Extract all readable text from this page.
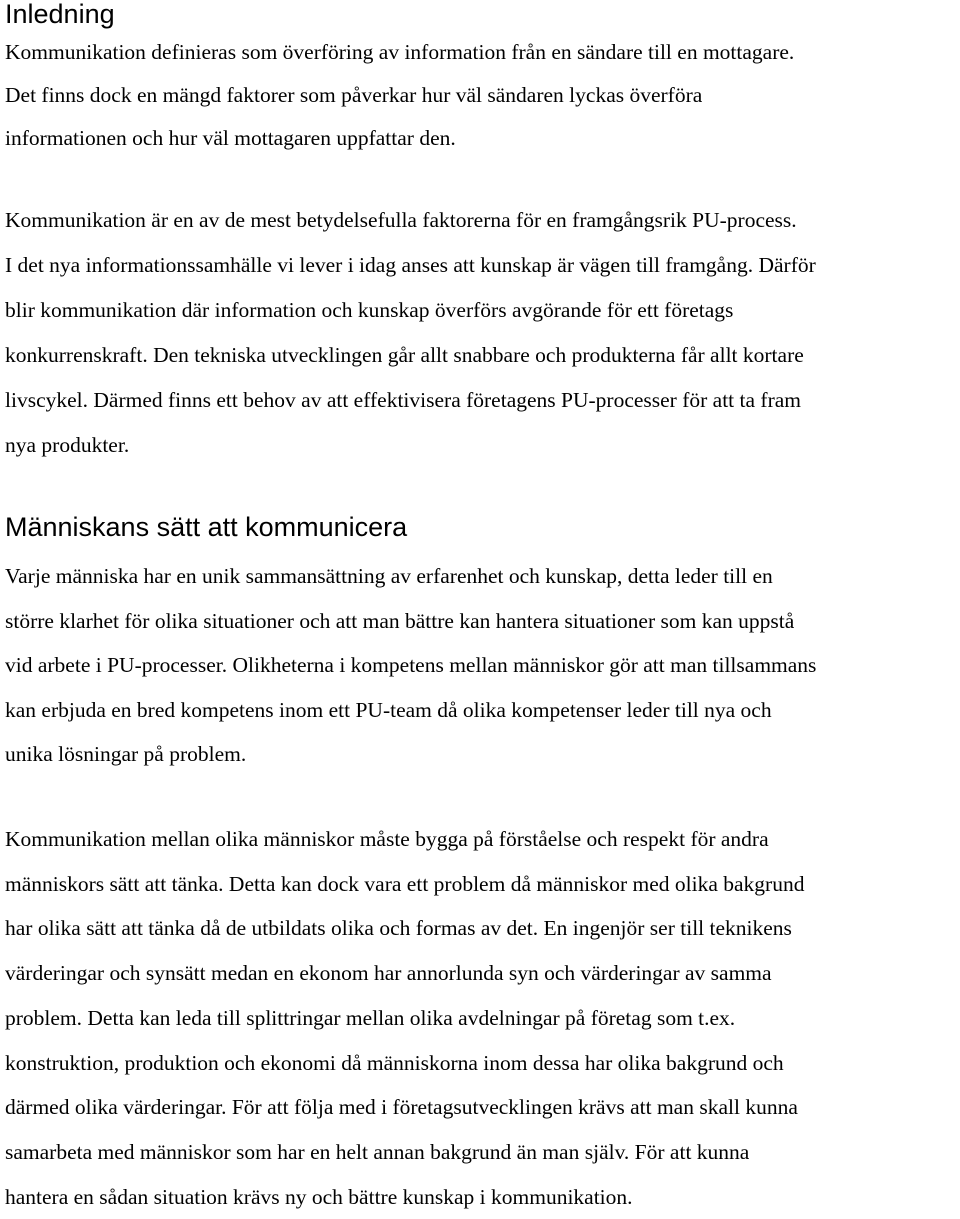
Inledning
Kommunikation definieras som överföring av information från en sändare till en mottagare.
Det finns dock en mängd faktorer som påverkar hur väl sändaren lyckas överföra
informationen och hur väl mottagaren uppfattar den.
Kommunikation är en av de mest betydelsefulla faktorerna för en framgångsrik PU-process.
I det nya informationssamhälle vi lever i idag anses att kunskap är vägen till framgång. Därför
blir kommunikation där information och kunskap överförs avgörande för ett företags
konkurrenskraft. Den tekniska utvecklingen går allt snabbare och produkterna får allt kortare
livscykel. Därmed finns ett behov av att effektivisera företagens PU-processer för att ta fram
nya produkter.
Människans sätt att kommunicera
Varje människa har en unik sammansättning av erfarenhet och kunskap, detta leder till en
större klarhet för olika situationer och att man bättre kan hantera situationer som kan uppstå
vid arbete i PU-processer. Olikheterna i kompetens mellan människor gör att man tillsammans
kan erbjuda en bred kompetens inom ett PU-team då olika kompetenser leder till nya och
unika lösningar på problem.
Kommunikation mellan olika människor måste bygga på förståelse och respekt för andra
människors sätt att tänka. Detta kan dock vara ett problem då människor med olika bakgrund
har olika sätt att tänka då de utbildats olika och formas av det. En ingenjör ser till teknikens
värderingar och synsätt medan en ekonom har annorlunda syn och värderingar av samma
problem. Detta kan leda till splittringar mellan olika avdelningar på företag som t.ex.
konstruktion, produktion och ekonomi då människorna inom dessa har olika bakgrund och
därmed olika värderingar. För att följa med i företagsutvecklingen krävs att man skall kunna
samarbeta med människor som har en helt annan bakgrund än man själv. För att kunna
hantera en sådan situation krävs ny och bättre kunskap i kommunikation.
